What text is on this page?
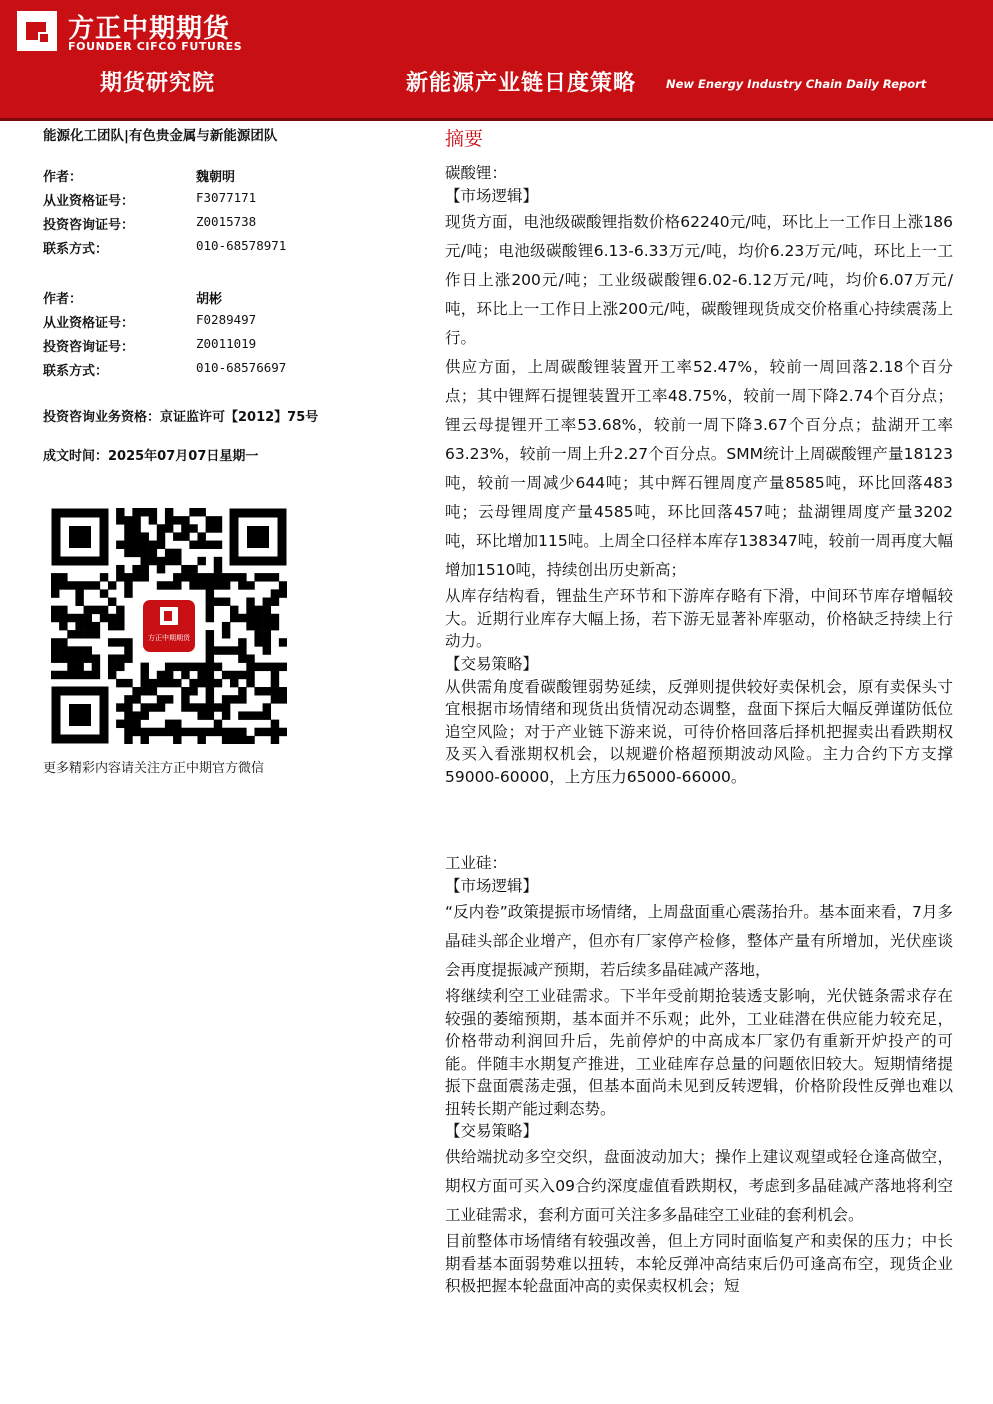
方正中期期货
FOUNDER CIFCO FUTURES
期货研究院	新能源产业链日度策略	New Energy Industry Chain Daily Report
能源化工团队|有色贵金属与新能源团队
作者：	魏朝明
从业资格证号：	F3077171
投资咨询证号：	Z0015738
联系方式：	010-68578971
作者：	胡彬
从业资格证号：	F0289497
投资咨询证号：	Z0011019
联系方式：	010-68576697
投资咨询业务资格：京证监许可【2012】75号
成文时间：2025年07月07日星期一
方正中期期货
更多精彩内容请关注方正中期官方微信
摘要

碳酸锂：

【市场逻辑】

现货方面，电池级碳酸锂指数价格62240元/吨，环比上一工作日上涨186元/吨；电池级碳酸锂6.13-6.33万元/吨，均价6.23万元/吨，环比上一工作日上涨200元/吨；工业级碳酸锂6.02-6.12万元/吨，均价6.07万元/吨，环比上一工作日上涨200元/吨，碳酸锂现货成交价格重心持续震荡上行。

供应方面，上周碳酸锂装置开工率52.47%，较前一周回落2.18个百分点；其中锂辉石提锂装置开工率48.75%，较前一周下降2.74个百分点；锂云母提锂开工率53.68%，较前一周下降3.67个百分点；盐湖开工率63.23%，较前一周上升2.27个百分点。SMM统计上周碳酸锂产量18123吨，较前一周减少644吨；其中辉石锂周度产量8585吨，环比回落483吨；云母锂周度产量4585吨，环比回落457吨；盐湖锂周度产量3202吨，环比增加115吨。上周全口径样本库存138347吨，较前一周再度大幅增加1510吨，持续创出历史新高；

从库存结构看，锂盐生产环节和下游库存略有下滑，中间环节库存增幅较大。近期行业库存大幅上扬，若下游无显著补库驱动，价格缺乏持续上行动力。

【交易策略】

从供需角度看碳酸锂弱势延续，反弹则提供较好卖保机会，原有卖保头寸宜根据市场情绪和现货出货情况动态调整，盘面下探后大幅反弹谨防低位追空风险；对于产业链下游来说，可待价格回落后择机把握卖出看跌期权及买入看涨期权机会，以规避价格超预期波动风险。主力合约下方支撑59000-60000，上方压力65000-66000。

工业硅：

【市场逻辑】

“反内卷”政策提振市场情绪，上周盘面重心震荡抬升。基本面来看，7月多晶硅头部企业增产，但亦有厂家停产检修，整体产量有所增加，光伏座谈会再度提振减产预期，若后续多晶硅减产落地，

将继续利空工业硅需求。下半年受前期抢装透支影响，光伏链条需求存在较强的萎缩预期，基本面并不乐观；此外，工业硅潜在供应能力较充足，价格带动利润回升后，先前停炉的中高成本厂家仍有重新开炉投产的可能。伴随丰水期复产推进，工业硅库存总量的问题依旧较大。短期情绪提振下盘面震荡走强，但基本面尚未见到反转逻辑，价格阶段性反弹也难以扭转长期产能过剩态势。

【交易策略】

供给端扰动多空交织，盘面波动加大；操作上建议观望或轻仓逢高做空，期权方面可买入09合约深度虚值看跌期权，考虑到多晶硅减产落地将利空工业硅需求，套利方面可关注多多晶硅空工业硅的套利机会。

目前整体市场情绪有较强改善，但上方同时面临复产和卖保的压力；中长期看基本面弱势难以扭转，本轮反弹冲高结束后仍可逢高布空，现货企业积极把握本轮盘面冲高的卖保卖权机会；短
